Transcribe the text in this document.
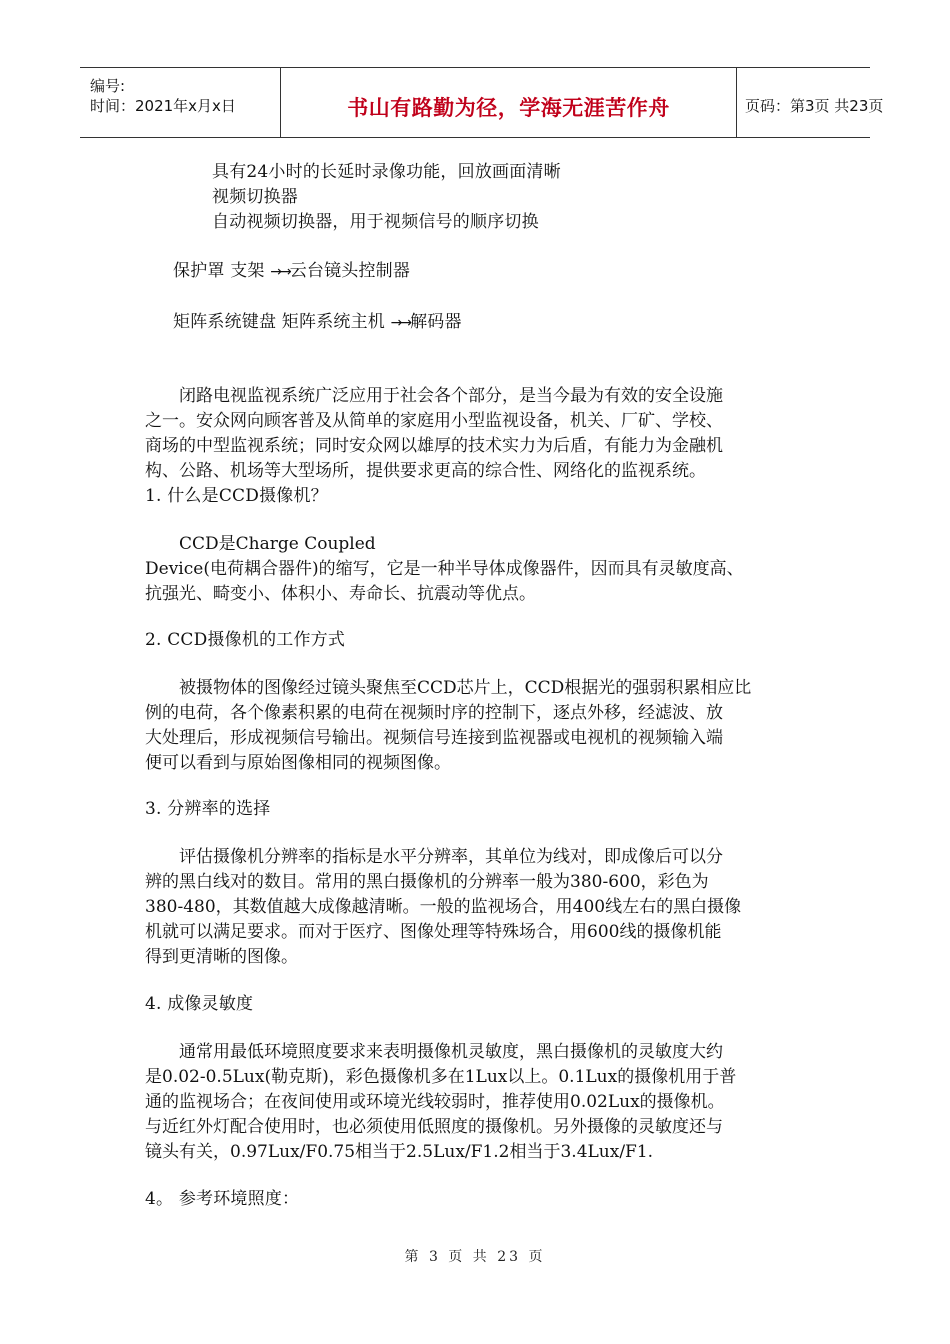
编号:
时间：2021年x月x日	书山有路勤为径，学海无涯苦作舟	页码：第3页 共23页
具有24小时的长延时录像功能，回放画面清晰
视频切换器
自动视频切换器，用于视频信号的顺序切换
保护罩 支架 →→云台镜头控制器
矩阵系统键盘 矩阵系统主机 →→解码器
　　闭路电视监视系统广泛应用于社会各个部分，是当今最为有效的安全设施
之一。安众网向顾客普及从简单的家庭用小型监视设备，机关、厂矿、学校、
商场的中型监视系统；同时安众网以雄厚的技术实力为后盾，有能力为金融机
构、公路、机场等大型场所，提供要求更高的综合性、网络化的监视系统。
1. 什么是CCD摄像机？
　　CCD是Charge Coupled
Device(电荷耦合器件)的缩写，它是一种半导体成像器件，因而具有灵敏度高、
抗强光、畸变小、体积小、寿命长、抗震动等优点。
2. CCD摄像机的工作方式
　　被摄物体的图像经过镜头聚焦至CCD芯片上，CCD根据光的强弱积累相应比
例的电荷，各个像素积累的电荷在视频时序的控制下，逐点外移，经滤波、放
大处理后，形成视频信号输出。视频信号连接到监视器或电视机的视频输入端
便可以看到与原始图像相同的视频图像。
3. 分辨率的选择
　　评估摄像机分辨率的指标是水平分辨率，其单位为线对，即成像后可以分
辨的黑白线对的数目。常用的黑白摄像机的分辨率一般为380-600，彩色为
380-480，其数值越大成像越清晰。一般的监视场合，用400线左右的黑白摄像
机就可以满足要求。而对于医疗、图像处理等特殊场合，用600线的摄像机能
得到更清晰的图像。
4. 成像灵敏度
　　通常用最低环境照度要求来表明摄像机灵敏度，黑白摄像机的灵敏度大约
是0.02-0.5Lux(勒克斯)，彩色摄像机多在1Lux以上。0.1Lux的摄像机用于普
通的监视场合；在夜间使用或环境光线较弱时，推荐使用0.02Lux的摄像机。
与近红外灯配合使用时，也必须使用低照度的摄像机。另外摄像的灵敏度还与
镜头有关，0.97Lux/F0.75相当于2.5Lux/F1.2相当于3.4Lux/F1.
4。 参考环境照度：
第 3 页 共 23 页
